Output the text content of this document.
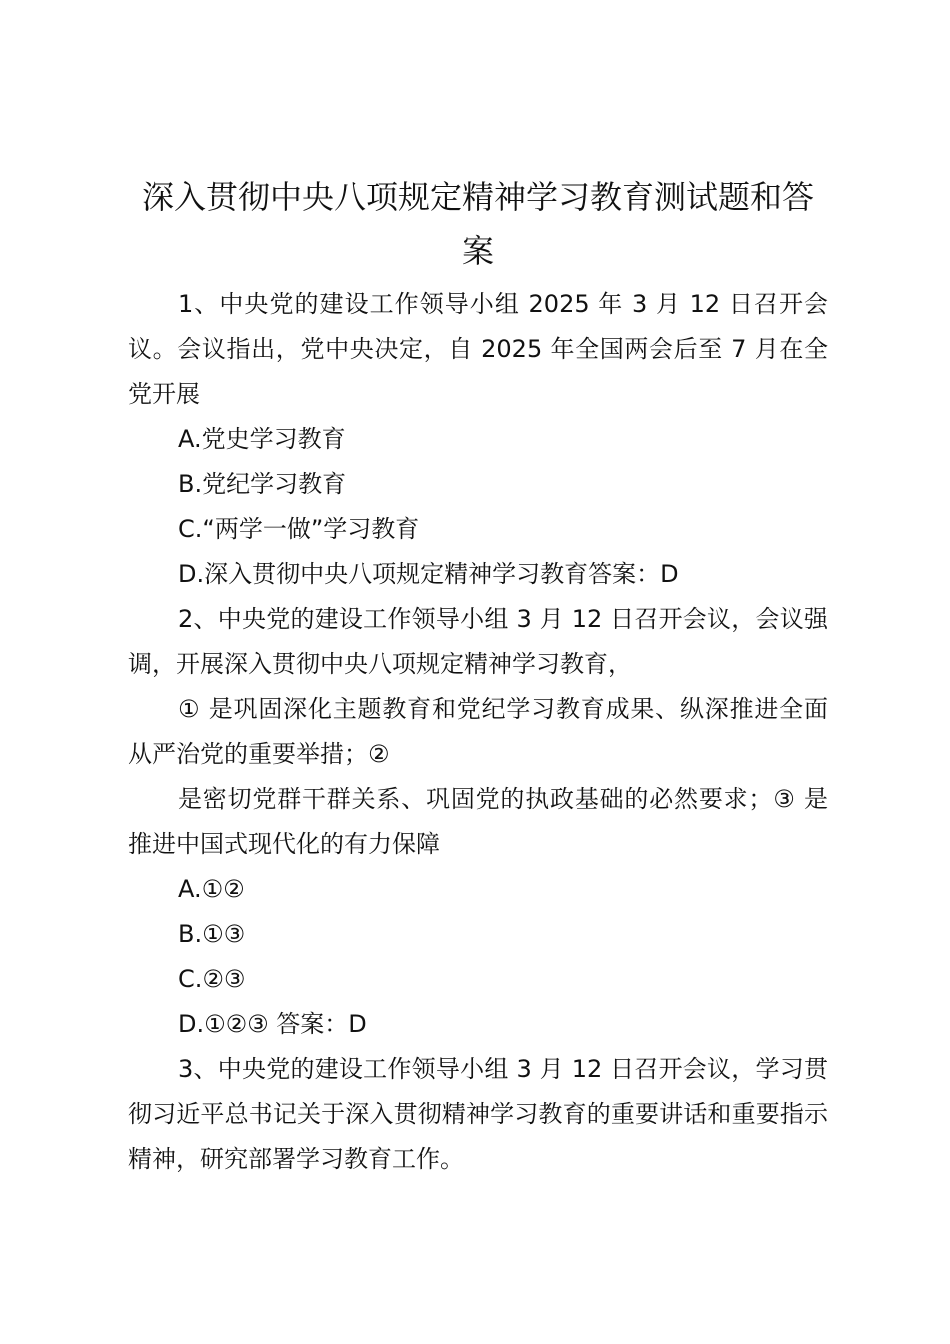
深入贯彻中央八项规定精神学习教育测试题和答案

1、中央党的建设工作领导小组 2025 年 3 月 12 日召开会议。会议指出，党中央决定，自 2025 年全国两会后至 7 月在全党开展

A.党史学习教育

B.党纪学习教育

C.“两学一做”学习教育

D.深入贯彻中央八项规定精神学习教育答案：D

2、中央党的建设工作领导小组 3 月 12 日召开会议，会议强调，开展深入贯彻中央八项规定精神学习教育，

① 是巩固深化主题教育和党纪学习教育成果、纵深推进全面从严治党的重要举措；②

是密切党群干群关系、巩固党的执政基础的必然要求；③ 是推进中国式现代化的有力保障

A.①②

B.①③

C.②③

D.①②③ 答案：D

3、中央党的建设工作领导小组 3 月 12 日召开会议，学习贯彻习近平总书记关于深入贯彻精神学习教育的重要讲话和重要指示精神，研究部署学习教育工作。
